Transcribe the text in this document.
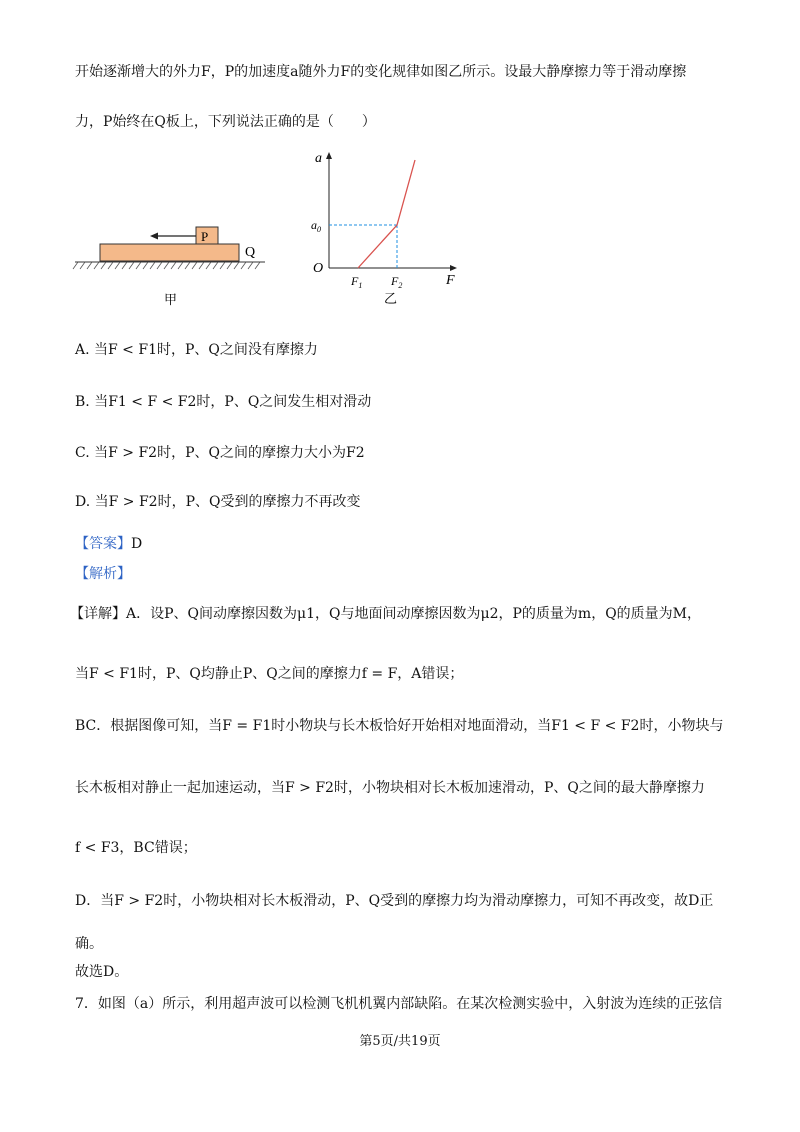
开始逐渐增大的外力F，P的加速度a随外力F的变化规律如图乙所示。设最大静摩擦力等于滑动摩擦
力，P始终在Q板上，下列说法正确的是（　　）
P
Q
甲
a
F
O
$a_0$
$F_1$ $F_2$
乙
A. 当F < F1时，P、Q之间没有摩擦力
B. 当F1 < F < F2时，P、Q之间发生相对滑动
C. 当F > F2时，P、Q之间的摩擦力大小为F2
D. 当F > F2时，P、Q受到的摩擦力不再改变
【答案】D
【解析】
【详解】A．设P、Q间动摩擦因数为μ1，Q与地面间动摩擦因数为μ2，P的质量为m，Q的质量为M，
当F < F1时，P、Q均静止P、Q之间的摩擦力f = F，A错误；
BC．根据图像可知，当F = F1时小物块与长木板恰好开始相对地面滑动，当F1 < F < F2时，小物块与
长木板相对静止一起加速运动，当F > F2时，小物块相对长木板加速滑动，P、Q之间的最大静摩擦力
f < F3，BC错误；
D．当F > F2时，小物块相对长木板滑动，P、Q受到的摩擦力均为滑动摩擦力，可知不再改变，故D正
确。
故选D。
7．如图（a）所示，利用超声波可以检测飞机机翼内部缺陷。在某次检测实验中，入射波为连续的正弦信
第5页/共19页
